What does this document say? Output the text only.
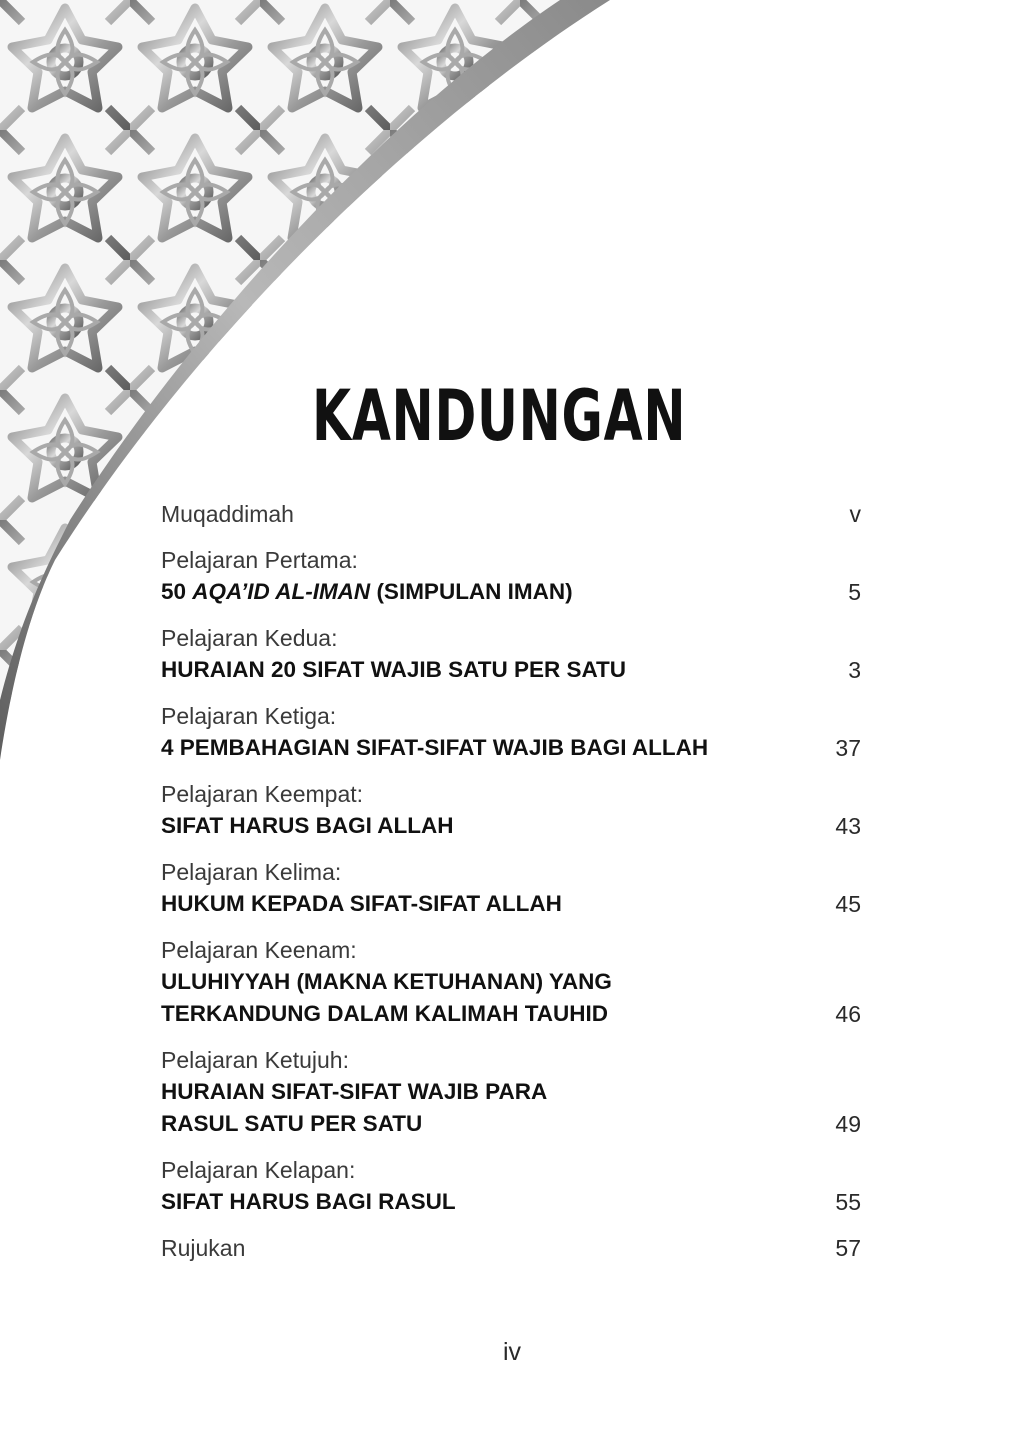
KANDUNGAN
Muqaddimah	v
Pelajaran Pertama:
50 AQA’ID AL-IMAN (SIMPULAN IMAN)	5
Pelajaran Kedua:
HURAIAN 20 SIFAT WAJIB SATU PER SATU	3
Pelajaran Ketiga:
4 PEMBAHAGIAN SIFAT-SIFAT WAJIB BAGI ALLAH	37
Pelajaran Keempat:
SIFAT HARUS BAGI ALLAH	43
Pelajaran Kelima:
HUKUM KEPADA SIFAT-SIFAT ALLAH	45
Pelajaran Keenam:
ULUHIYYAH (MAKNA KETUHANAN) YANG
TERKANDUNG DALAM KALIMAH TAUHID	46
Pelajaran Ketujuh:
HURAIAN SIFAT-SIFAT WAJIB PARA
RASUL SATU PER SATU	49
Pelajaran Kelapan:
SIFAT HARUS BAGI RASUL	55
Rujukan	57
iv
